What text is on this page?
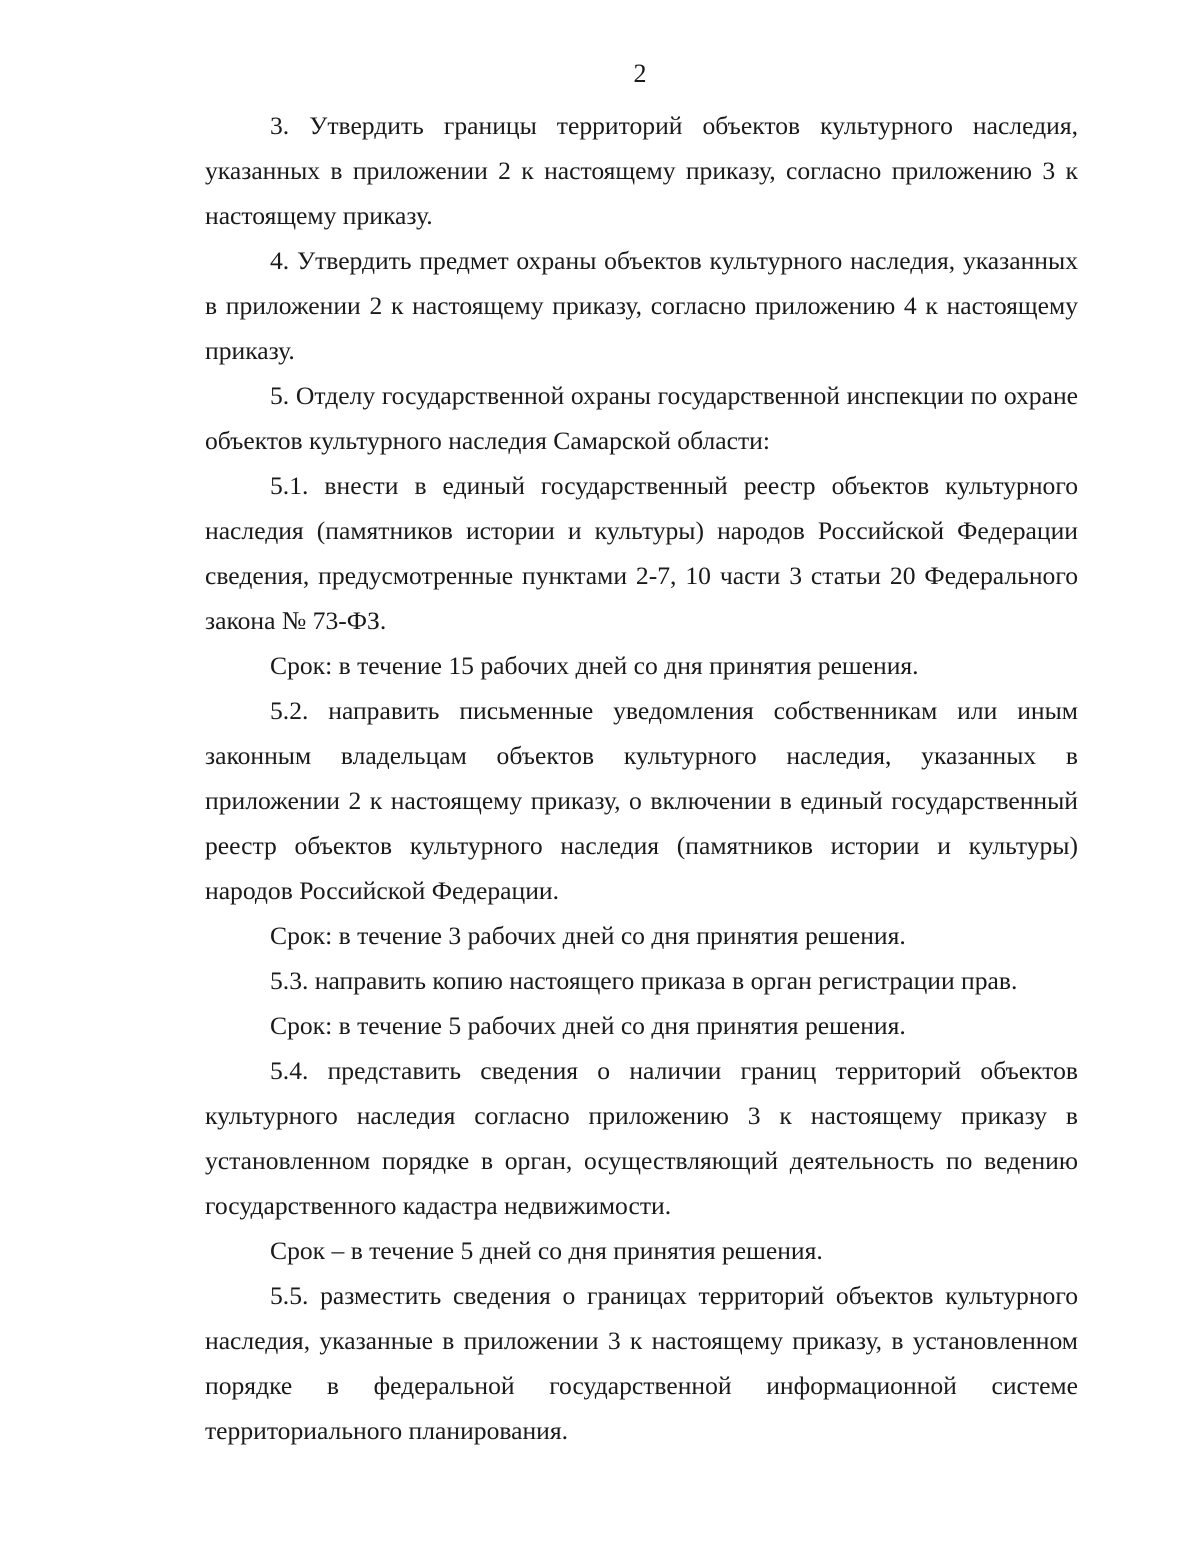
2

3. Утвердить границы территорий объектов культурного наследия, указанных в приложении 2 к настоящему приказу, согласно приложению 3 к настоящему приказу.

4. Утвердить предмет охраны объектов культурного наследия, указанных в приложении 2 к настоящему приказу, согласно приложению 4 к настоящему приказу.

5. Отделу государственной охраны государственной инспекции по охране объектов культурного наследия Самарской области:

5.1. внести в единый государственный реестр объектов культурного наследия (памятников истории и культуры) народов Российской Федерации сведения, предусмотренные пунктами 2-7, 10 части 3 статьи 20 Федерального закона № 73-ФЗ.

Срок: в течение 15 рабочих дней со дня принятия решения.

5.2. направить письменные уведомления собственникам или иным законным владельцам объектов культурного наследия, указанных в приложении 2 к настоящему приказу, о включении в единый государственный реестр объектов культурного наследия (памятников истории и культуры) народов Российской Федерации.

Срок: в течение 3 рабочих дней со дня принятия решения.

5.3. направить копию настоящего приказа в орган регистрации прав.

Срок: в течение 5 рабочих дней со дня принятия решения.

5.4. представить сведения о наличии границ территорий объектов культурного наследия согласно приложению 3 к настоящему приказу в установленном порядке в орган, осуществляющий деятельность по ведению государственного кадастра недвижимости.

Срок – в течение 5 дней со дня принятия решения.

5.5. разместить сведения о границах территорий объектов культурного наследия, указанные в приложении 3 к настоящему приказу, в установленном порядке в федеральной государственной информационной системе территориального планирования.
